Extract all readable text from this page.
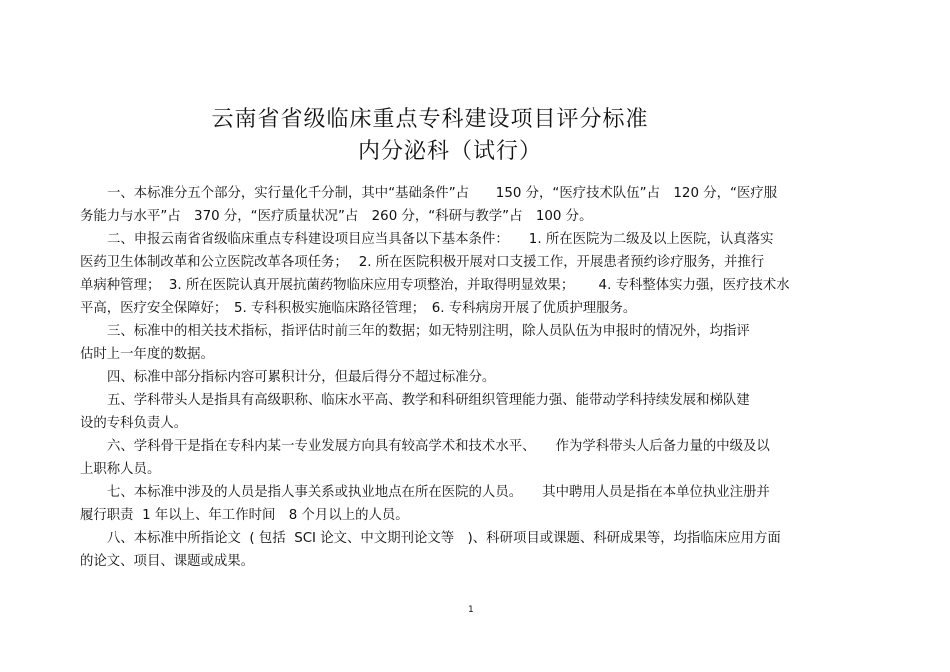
云南省省级临床重点专科建设项目评分标准
内分泌科（试行）
一、本标准分五个部分，实行量化千分制，其中“基础条件”占　　150 分，“医疗技术队伍”占　120 分，“医疗服
务能力与水平”占　370 分，“医疗质量状况”占　260 分，“科研与教学”占　100 分。
二、申报云南省省级临床重点专科建设项目应当具备以下基本条件：　　1. 所在医院为二级及以上医院，认真落实
医药卫生体制改革和公立医院改革各项任务；　 2. 所在医院积极开展对口支援工作，开展患者预约诊疗服务，并推行
单病种管理；  3. 所在医院认真开展抗菌药物临床应用专项整治，并取得明显效果；　　 4. 专科整体实力强，医疗技术水
平高，医疗安全保障好；　5. 专科积极实施临床路径管理；　6. 专科病房开展了优质护理服务。
三、标准中的相关技术指标，指评估时前三年的数据；如无特别注明，除人员队伍为申报时的情况外，均指评
估时上一年度的数据。
四、标准中部分指标内容可累积计分，但最后得分不超过标准分。
五、学科带头人是指具有高级职称、临床水平高、教学和科研组织管理能力强、能带动学科持续发展和梯队建
设的专科负责人。
六、学科骨干是指在专科内某一专业发展方向具有较高学术和技术水平、　　作为学科带头人后备力量的中级及以
上职称人员。
七、本标准中涉及的人员是指人事关系或执业地点在所在医院的人员。　　其中聘用人员是指在本单位执业注册并
履行职责  1 年以上、年工作时间　8 个月以上的人员。
八、本标准中所指论文  ( 包括  SCI 论文、中文期刊论文等　)、科研项目或课题、科研成果等，均指临床应用方面
的论文、项目、课题或成果。
1
